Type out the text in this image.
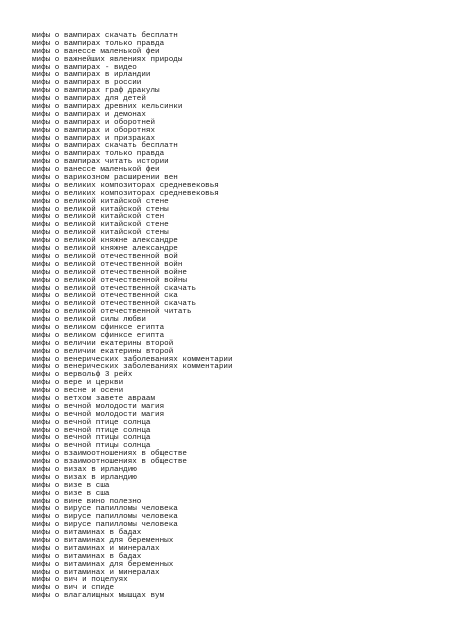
мифы о вампирах скачать бесплатн
мифы о вампирах только правда
мифы о ванессе маленькой феи
мифы о важнейших явлениях природы
мифы о вампирах - видео
мифы о вампирах в ирландии
мифы о вампирах в россии
мифы о вампирах граф дракулы
мифы о вампирах для детей
мифы о вампирах древних кельсинки
мифы о вампирах и демонах
мифы о вампирах и оборотней
мифы о вампирах и оборотнях
мифы о вампирах и призраках
мифы о вампирах скачать бесплатн
мифы о вампирах только правда
мифы о вампирах читать истории
мифы о ванессе маленькой феи
мифы о варикозном расширении вен
мифы о великих композиторах средневековья
мифы о великих композиторах средневековья
мифы о великой китайской стене
мифы о великой китайской стены
мифы о великой китайской стен
мифы о великой китайской стене
мифы о великой китайской стены
мифы о великой княжне александре
мифы о великой княжне александре
мифы о великой отечественной вой
мифы о великой отечественной войн
мифы о великой отечественной войне
мифы о великой отечественной войны
мифы о великой отечественной скачать
мифы о великой отечественной ска
мифы о великой отечественной скачать
мифы о великой отечественной читать
мифы о великой силы любви
мифы о великом сфинксе египта
мифы о великом сфинксе египта
мифы о величии екатерины второй
мифы о величии екатерины второй
мифы о венерических заболеваниях комментарии
мифы о венерических заболеваниях комментарии
мифы о вервольф 3 рейх
мифы о вере и церкви
мифы о весне и осени
мифы о ветхом завете авраам
мифы о вечной молодости магия
мифы о вечной молодости магия
мифы о вечной птице солнца
мифы о вечной птице солнца
мифы о вечной птицы солнца
мифы о вечной птицы солнца
мифы о взаимоотношениях в обществе
мифы о взаимоотношениях в обществе
мифы о визах в ирландию
мифы о визах в ирландию
мифы о визе в сша
мифы о визе в сша
мифы о вине вино полезно
мифы о вирусе папилломы человека
мифы о вирусе папилломы человека
мифы о вирусе папилломы человека
мифы о витаминах в бадах
мифы о витаминах для беременных
мифы о витаминах и минералах
мифы о витаминах в бадах
мифы о витаминах для беременных
мифы о витаминах и минералах
мифы о вич и поцелуях
мифы о вич и спиде
мифы о влагалищных мышцах вум
